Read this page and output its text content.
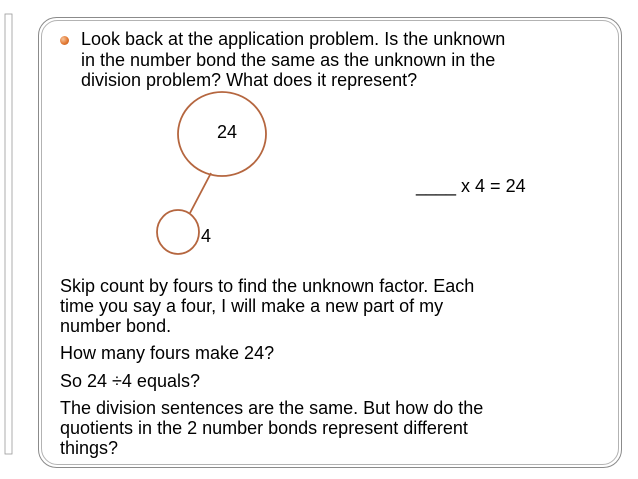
Look back at the application problem. Is the unknown
in the number bond the same as the unknown in the
division problem? What does it represent?
24
4
____ x 4 = 24
Skip count by fours to find the unknown factor. Each
time you say a four, I will make a new part of my
number bond.
How many fours make 24?
So 24 ÷4 equals?
The division sentences are the same. But how do the
quotients in the 2 number bonds represent different
things?
